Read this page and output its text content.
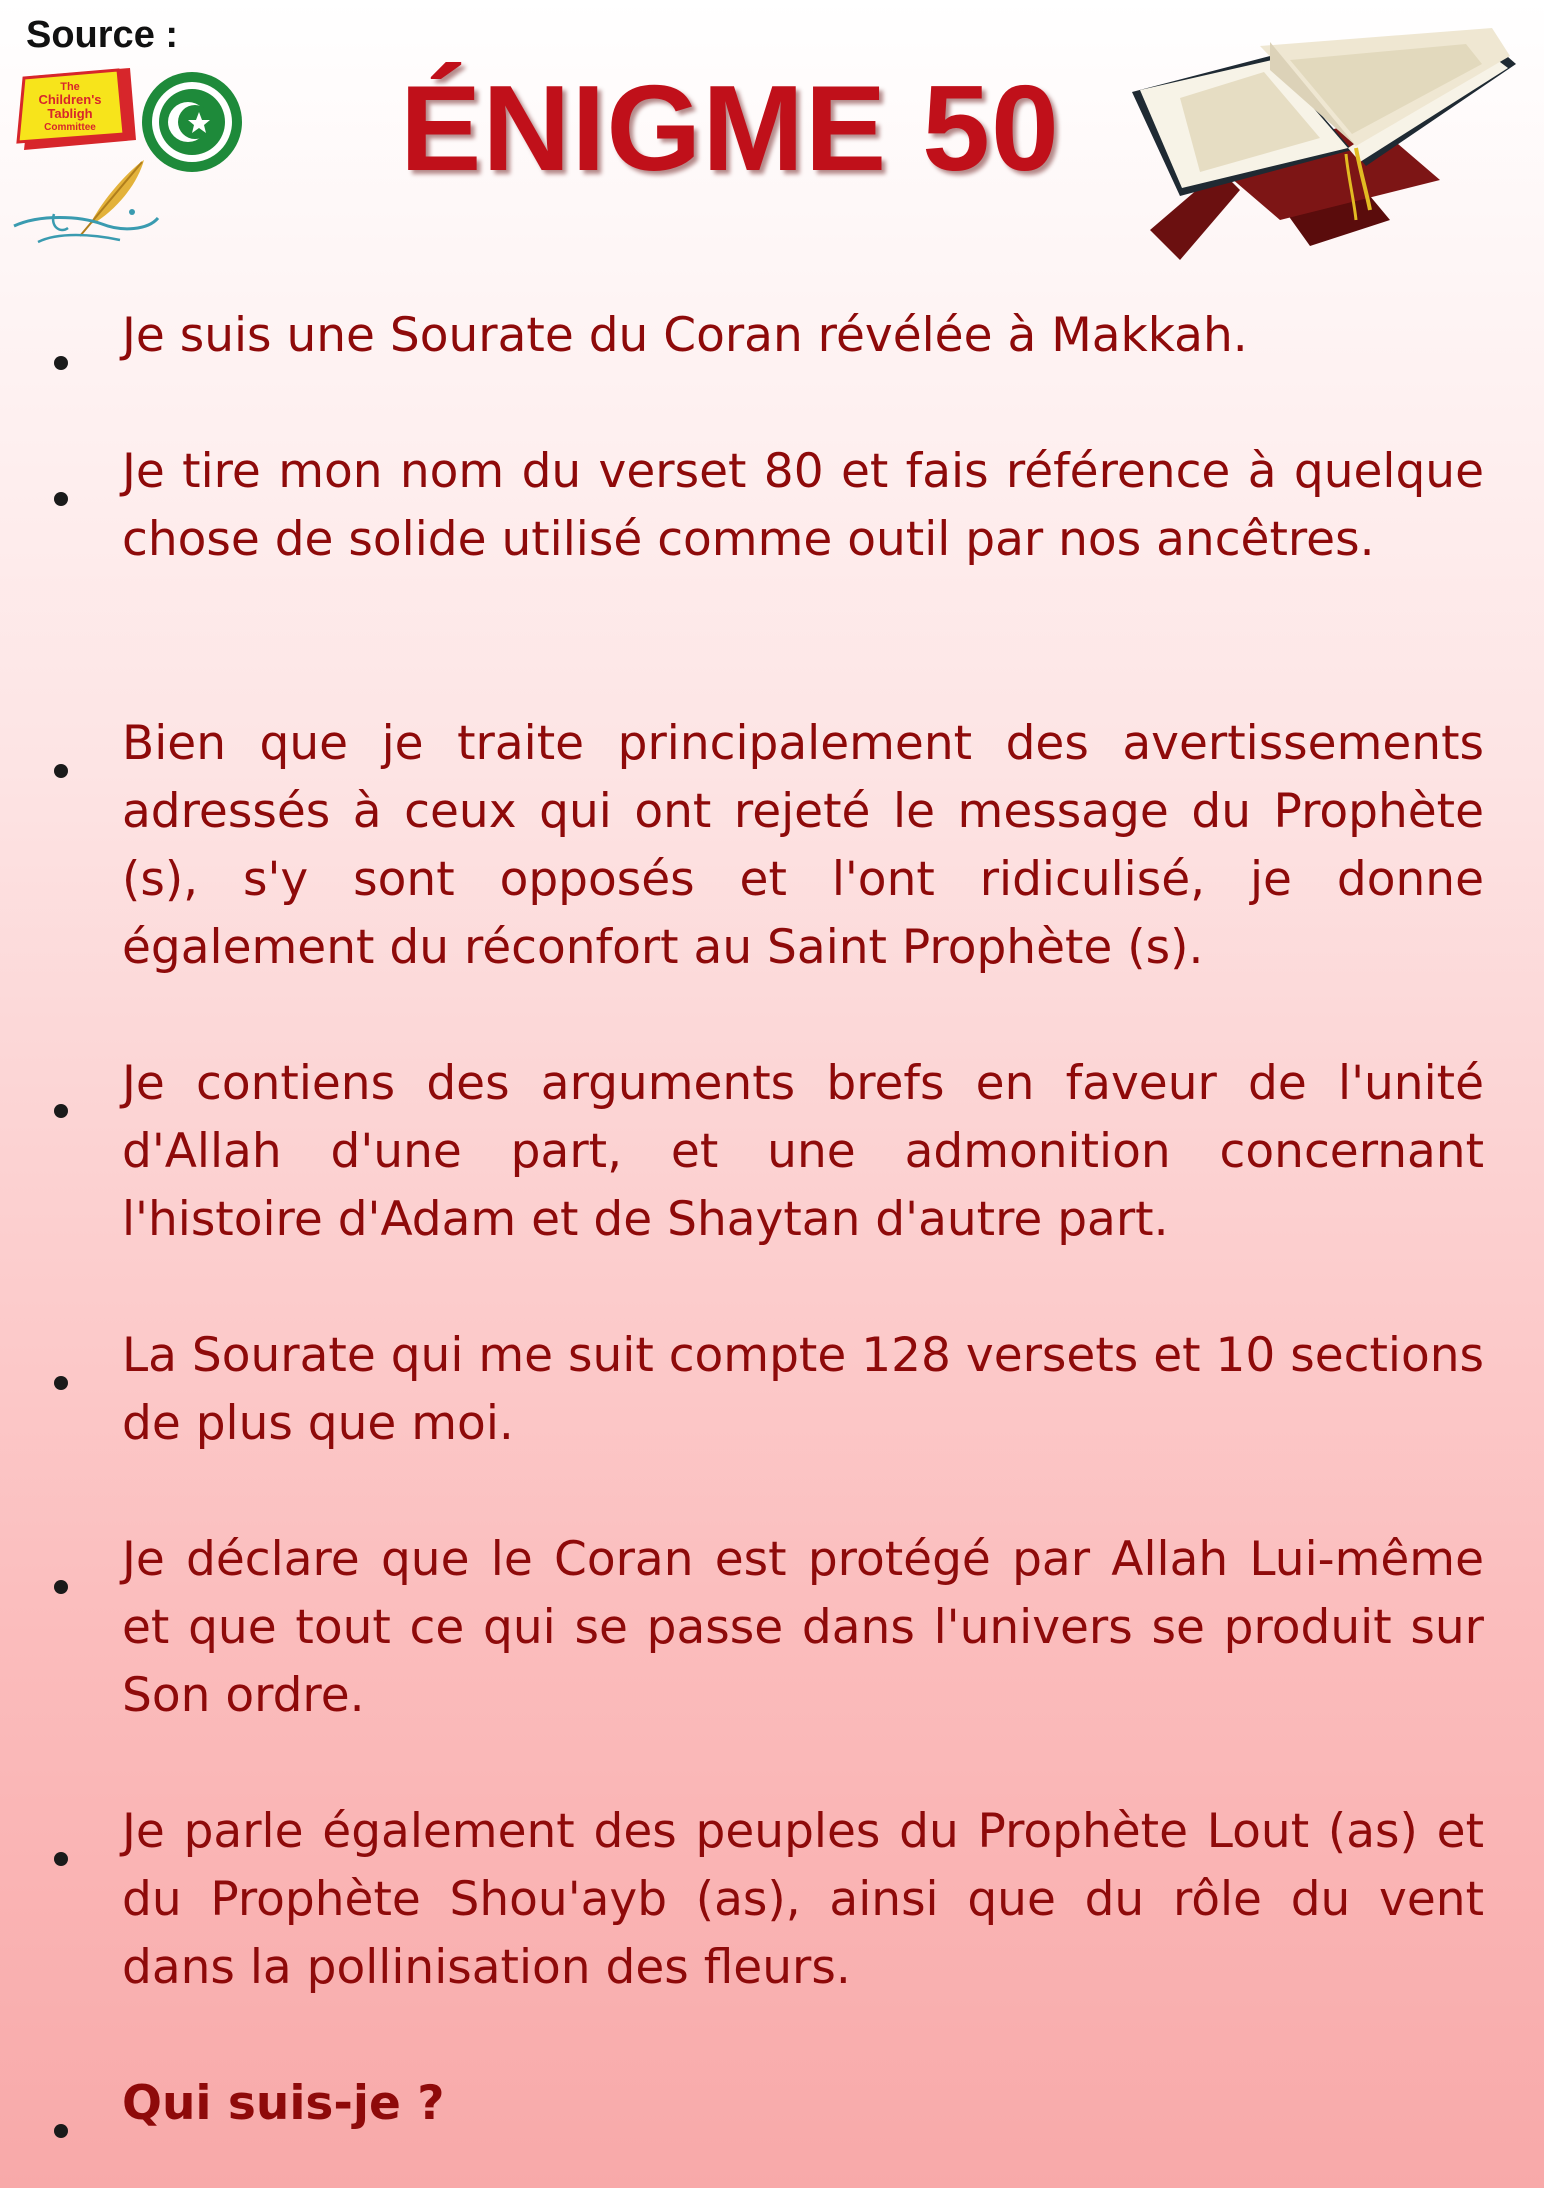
Source :
The
Children's
Tabligh
Committee ÉNIGME 50
Je suis une Sourate du Coran révélée à Makkah.
Je tire mon nom du verset 80 et fais référence à quelque chose de solide utilisé comme outil par nos ancêtres.
Bien que je traite principalement des avertissements adressés à ceux qui ont rejeté le message du Prophète (s), s'y sont opposés et l'ont ridiculisé, je donne également du réconfort au Saint Prophète (s).
Je contiens des arguments brefs en faveur de l'unité d'Allah d'une part, et une admonition concernant l'histoire d'Adam et de Shaytan d'autre part.
La Sourate qui me suit compte 128 versets et 10 sections de plus que moi.
Je déclare que le Coran est protégé par Allah Lui-même et que tout ce qui se passe dans l'univers se produit sur Son ordre.
Je parle également des peuples du Prophète Lout (as) et du Prophète Shou'ayb (as), ainsi que du rôle du vent dans la pollinisation des fleurs.
Qui suis-je ?
